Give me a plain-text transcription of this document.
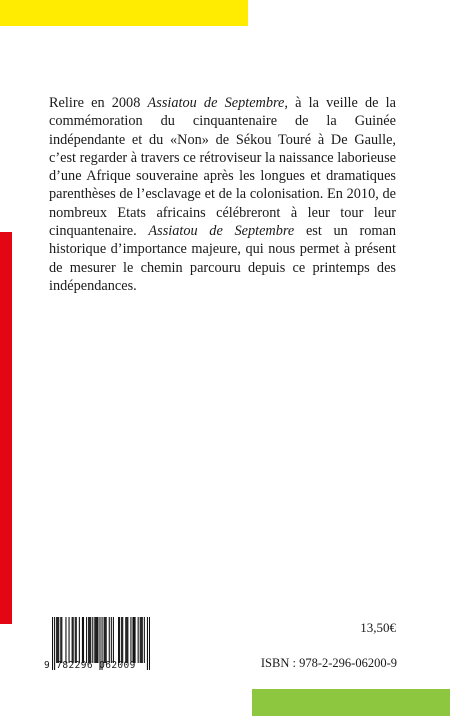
Relire en 2008 Assiatou de Septembre, à la veille de la commémoration du cinquantenaire de la Guinée indépendante et du «Non» de Sékou Touré à De Gaulle, c’est regarder à travers ce rétroviseur la naissance laborieuse d’une Afrique souveraine après les longues et dramatiques parenthèses de l’esclavage et de la colonisation. En 2010, de nombreux Etats africains célébreront à leur tour leur cinquantenaire. Assiatou de Septembre est un roman historique d’importance majeure, qui nous permet à présent de mesurer le chemin parcouru depuis ce printemps des indépendances.

13,50€

9 782296 062009	ISBN : 978-2-296-06200-9
